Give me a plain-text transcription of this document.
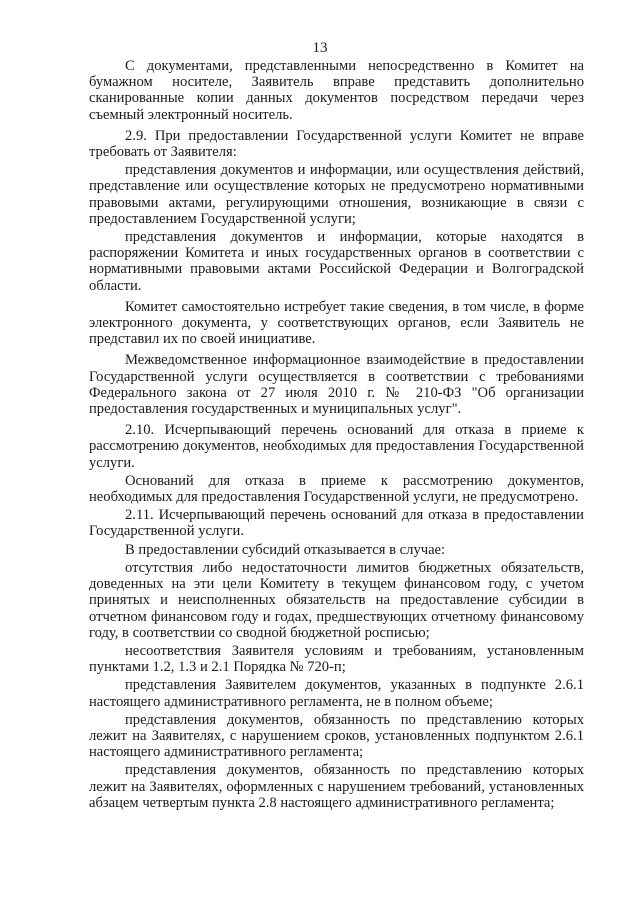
13

С документами, представленными непосредственно в Комитет на бумажном носителе, Заявитель вправе представить дополнительно сканированные копии данных документов посредством передачи через съемный электронный носитель.

2.9. При предоставлении Государственной услуги Комитет не вправе требовать от Заявителя:

представления документов и информации, или осуществления действий, представление или осуществление которых не предусмотрено нормативными правовыми актами, регулирующими отношения, возникающие в связи с предоставлением Государственной услуги;

представления документов и информации, которые находятся в распоряжении Комитета и иных государственных органов в соответствии с нормативными правовыми актами Российской Федерации и Волгоградской области.

Комитет самостоятельно истребует такие сведения, в том числе, в форме электронного документа, у соответствующих органов, если Заявитель не представил их по своей инициативе.

Межведомственное информационное взаимодействие в предоставлении Государственной услуги осуществляется в соответствии с требованиями Федерального закона от 27 июля 2010 г. № 210-ФЗ "Об организации предоставления государственных и муниципальных услуг".

2.10. Исчерпывающий перечень оснований для отказа в приеме к рассмотрению документов, необходимых для предоставления Государственной услуги.

Оснований для отказа в приеме к рассмотрению документов, необходимых для предоставления Государственной услуги, не предусмотрено.

2.11. Исчерпывающий перечень оснований для отказа в предоставлении Государственной услуги.

В предоставлении субсидий отказывается в случае:

отсутствия либо недостаточности лимитов бюджетных обязательств, доведенных на эти цели Комитету в текущем финансовом году, с учетом принятых и неисполненных обязательств на предоставление субсидии в отчетном финансовом году и годах, предшествующих отчетному финансовому году, в соответствии со сводной бюджетной росписью;

несоответствия Заявителя условиям и требованиям, установленным пунктами 1.2, 1.3 и 2.1 Порядка № 720-п;

представления Заявителем документов, указанных в подпункте 2.6.1 настоящего административного регламента, не в полном объеме;

представления документов, обязанность по представлению которых лежит на Заявителях, с нарушением сроков, установленных подпунктом 2.6.1 настоящего административного регламента;

представления документов, обязанность по представлению которых лежит на Заявителях, оформленных с нарушением требований, установленных абзацем четвертым пункта 2.8 настоящего административного регламента;
